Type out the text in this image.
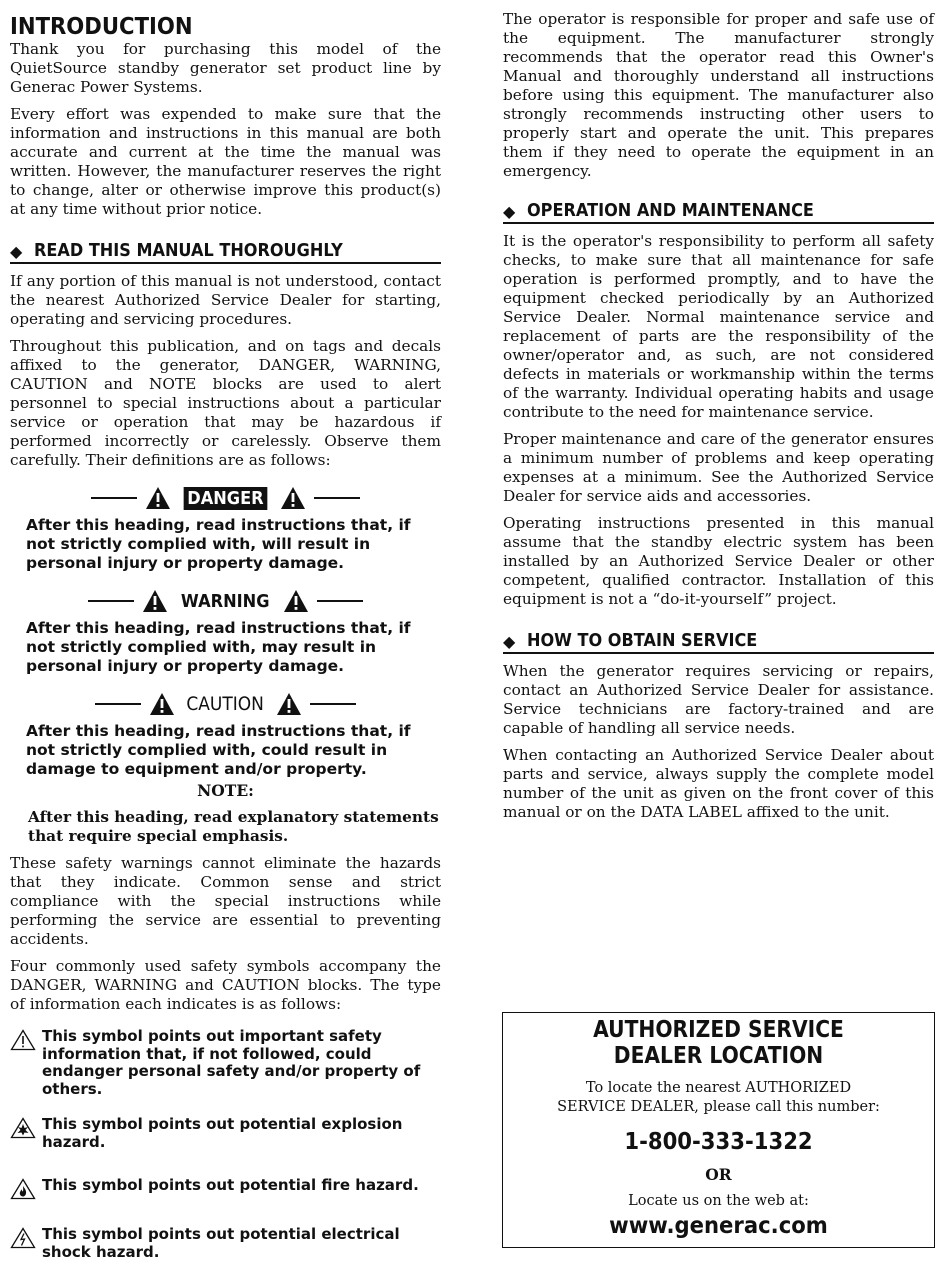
INTRODUCTION

Thank you for purchasing this model of the QuietSource standby generator set product line by Generac Power Systems.

Every effort was expended to make sure that the information and instructions in this manual are both accurate and current at the time the manual was written. However, the manufacturer reserves the right to change, alter or otherwise improve this product(s) at any time without prior notice.

◆ READ THIS MANUAL THOROUGHLY

If any portion of this manual is not understood, contact the nearest Authorized Service Dealer for starting, operating and servicing procedures.

Throughout this publication, and on tags and decals affixed to the generator, DANGER, WARNING, CAUTION and NOTE blocks are used to alert personnel to special instructions about a particular service or operation that may be hazardous if performed incorrectly or carelessly. Observe them carefully. Their definitions are as follows:

DANGER

After this heading, read instructions that, if not strictly complied with, will result in personal injury or property damage.

WARNING

After this heading, read instructions that, if not strictly complied with, may result in personal injury or property damage.

CAUTION

After this heading, read instructions that, if not strictly complied with, could result in damage to equipment and/or property.

NOTE:

After this heading, read explanatory statements that require special emphasis.

These safety warnings cannot eliminate the hazards that they indicate. Common sense and strict compliance with the special instructions while performing the service are essential to preventing accidents.

Four commonly used safety symbols accompany the DANGER, WARNING and CAUTION blocks. The type of information each indicates is as follows:

This symbol points out important safety information that, if not followed, could endanger personal safety and/or property of others.
This symbol points out potential explosion hazard.
This symbol points out potential fire hazard.
This symbol points out potential electrical shock hazard.

The operator is responsible for proper and safe use of the equipment. The manufacturer strongly recommends that the operator read this Owner's Manual and thoroughly understand all instructions before using this equipment. The manufacturer also strongly recommends instructing other users to properly start and operate the unit. This prepares them if they need to operate the equipment in an emergency.

◆ OPERATION AND MAINTENANCE

It is the operator's responsibility to perform all safety checks, to make sure that all maintenance for safe operation is performed promptly, and to have the equipment checked periodically by an Authorized Service Dealer. Normal maintenance service and replacement of parts are the responsibility of the owner/operator and, as such, are not considered defects in materials or workmanship within the terms of the warranty. Individual operating habits and usage contribute to the need for maintenance service.

Proper maintenance and care of the generator ensures a minimum number of problems and keep operating expenses at a minimum. See the Authorized Service Dealer for service aids and accessories.

Operating instructions presented in this manual assume that the standby electric system has been installed by an Authorized Service Dealer or other competent, qualified contractor. Installation of this equipment is not a “do-it-yourself” project.

◆ HOW TO OBTAIN SERVICE

When the generator requires servicing or repairs, contact an Authorized Service Dealer for assistance. Service technicians are factory-trained and are capable of handling all service needs.

When contacting an Authorized Service Dealer about parts and service, always supply the complete model number of the unit as given on the front cover of this manual or on the DATA LABEL affixed to the unit.

AUTHORIZED SERVICE
DEALER LOCATION
To locate the nearest AUTHORIZED SERVICE DEALER, please call this number:
1-800-333-1322
OR
Locate us on the web at:
www.generac.com
